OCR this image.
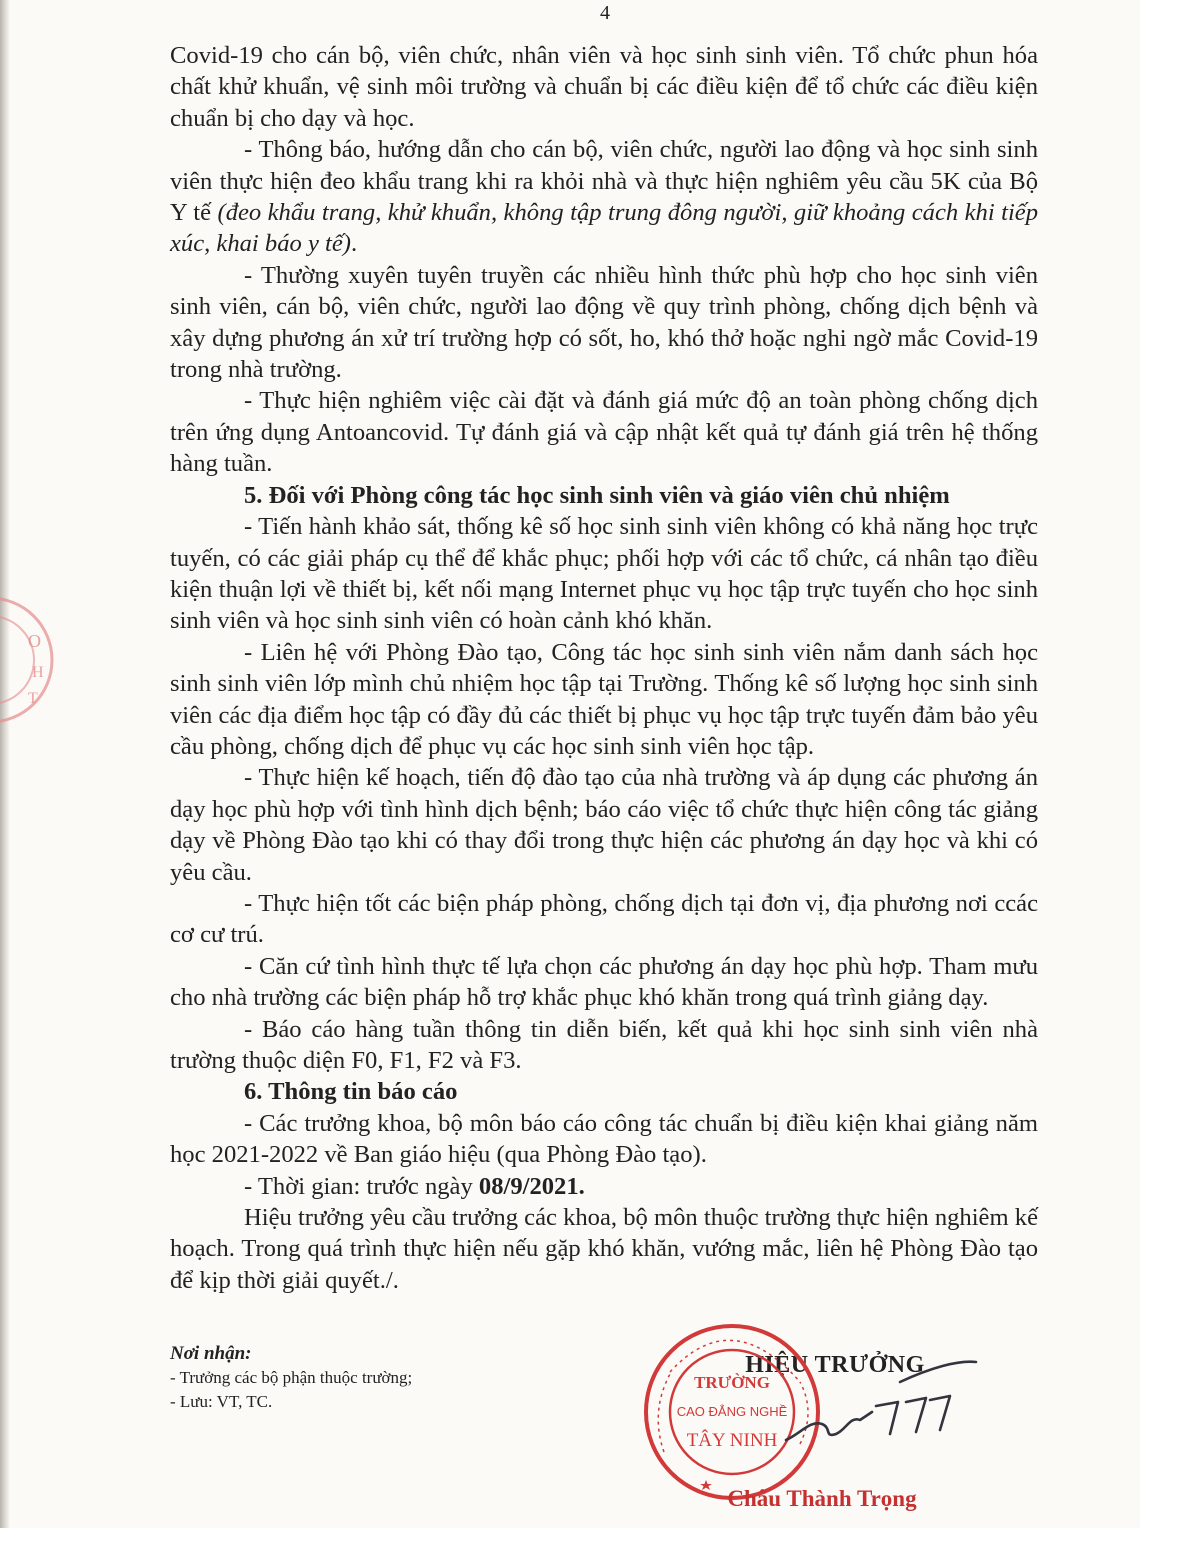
4
O
H
T

Covid-19 cho cán bộ, viên chức, nhân viên và học sinh sinh viên. Tổ chức phun hóa chất khử khuẩn, vệ sinh môi trường và chuẩn bị các điều kiện để tổ chức các điều kiện chuẩn bị cho dạy và học.

- Thông báo, hướng dẫn cho cán bộ, viên chức, người lao động và học sinh sinh viên thực hiện đeo khẩu trang khi ra khỏi nhà và thực hiện nghiêm yêu cầu 5K của Bộ Y tế (đeo khẩu trang, khử khuẩn, không tập trung đông người, giữ khoảng cách khi tiếp xúc, khai báo y tế).

- Thường xuyên tuyên truyền các nhiều hình thức phù hợp cho học sinh viên sinh viên, cán bộ, viên chức, người lao động về quy trình phòng, chống dịch bệnh và xây dựng phương án xử trí trường hợp có sốt, ho, khó thở hoặc nghi ngờ mắc Covid-19 trong nhà trường.

- Thực hiện nghiêm việc cài đặt và đánh giá mức độ an toàn phòng chống dịch trên ứng dụng Antoancovid. Tự đánh giá và cập nhật kết quả tự đánh giá trên hệ thống hàng tuần.

5. Đối với Phòng công tác học sinh sinh viên và giáo viên chủ nhiệm

- Tiến hành khảo sát, thống kê số học sinh sinh viên không có khả năng học trực tuyến, có các giải pháp cụ thể để khắc phục; phối hợp với các tổ chức, cá nhân tạo điều kiện thuận lợi về thiết bị, kết nối mạng Internet phục vụ học tập trực tuyến cho học sinh sinh viên và học sinh sinh viên có hoàn cảnh khó khăn.

- Liên hệ với Phòng Đào tạo, Công tác học sinh sinh viên nắm danh sách học sinh sinh viên lớp mình chủ nhiệm học tập tại Trường. Thống kê số lượng học sinh sinh viên các địa điểm học tập có đầy đủ các thiết bị phục vụ học tập trực tuyến đảm bảo yêu cầu phòng, chống dịch để phục vụ các học sinh sinh viên học tập.

- Thực hiện kế hoạch, tiến độ đào tạo của nhà trường và áp dụng các phương án dạy học phù hợp với tình hình dịch bệnh; báo cáo việc tổ chức thực hiện công tác giảng dạy về Phòng Đào tạo khi có thay đổi trong thực hiện các phương án dạy học và khi có yêu cầu.

- Thực hiện tốt các biện pháp phòng, chống dịch tại đơn vị, địa phương nơi ccác cơ cư trú.

- Căn cứ tình hình thực tế lựa chọn các phương án dạy học phù hợp. Tham mưu cho nhà trường các biện pháp hỗ trợ khắc phục khó khăn trong quá trình giảng dạy.

- Báo cáo hàng tuần thông tin diễn biến, kết quả khi học sinh sinh viên nhà trường thuộc diện F0, F1, F2 và F3.

6. Thông tin báo cáo

- Các trưởng khoa, bộ môn báo cáo công tác chuẩn bị điều kiện khai giảng năm học 2021-2022 về Ban giáo hiệu (qua Phòng Đào tạo).

- Thời gian: trước ngày 08/9/2021.

Hiệu trưởng yêu cầu trưởng các khoa, bộ môn thuộc trường thực hiện nghiêm kế hoạch. Trong quá trình thực hiện nếu gặp khó khăn, vướng mắc, liên hệ Phòng Đào tạo để kịp thời giải quyết./.

Nơi nhận:
- Trưởng các bộ phận thuộc trường;
- Lưu: VT, TC.
HIỆU TRƯỞNG
TRƯỜNG
CAO ĐẲNG NGHỀ
TÂY NINH
Châu Thành Trọng
